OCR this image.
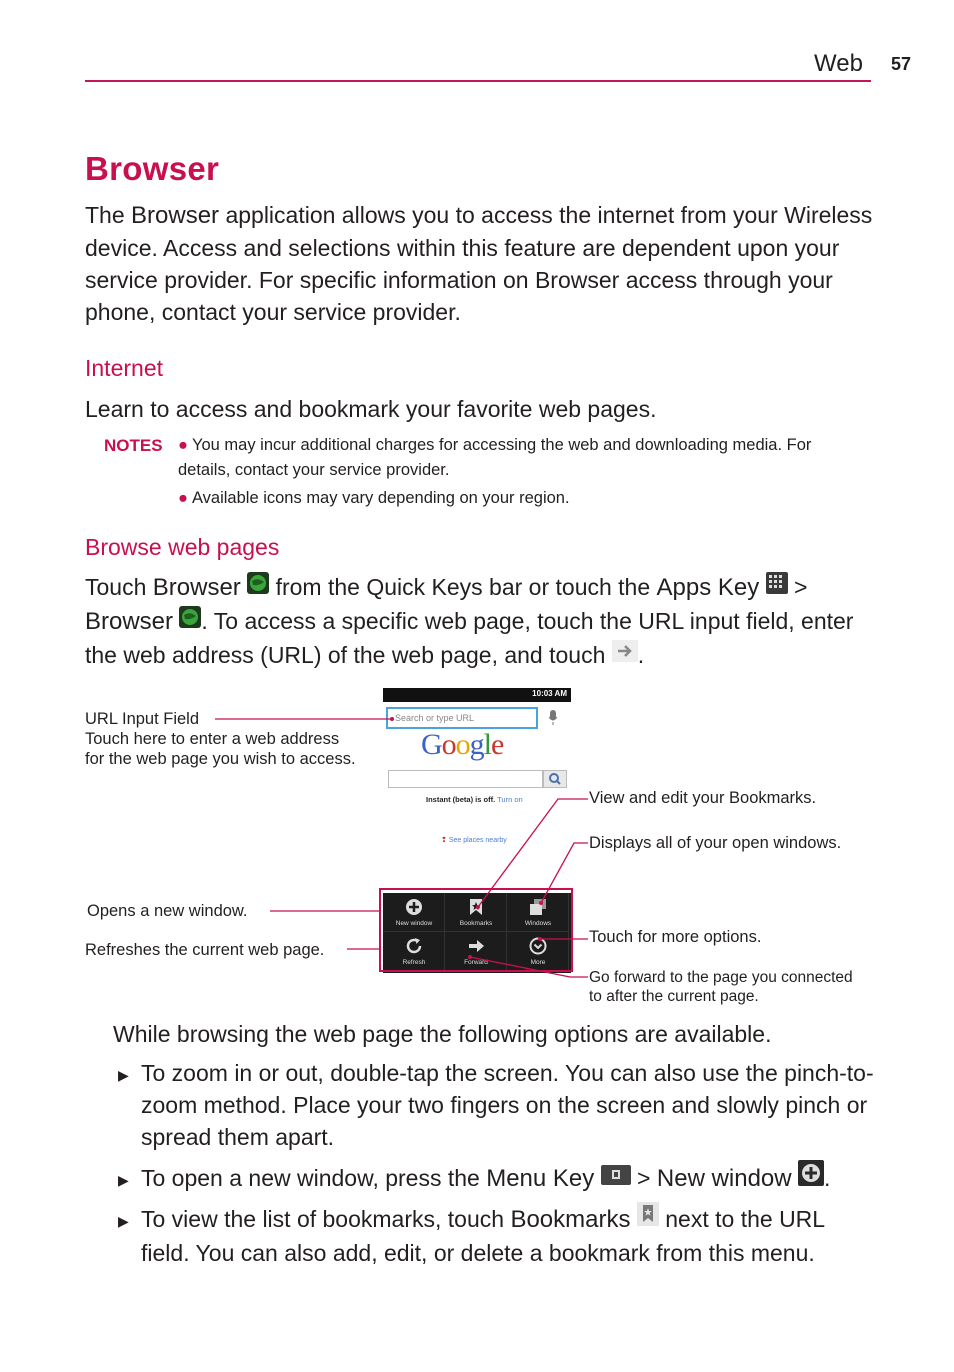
Web 57
Browser
The Browser application allows you to access the internet from your Wireless device. Access and selections within this feature are dependent upon your service provider. For specific information on Browser access through your phone, contact your service provider.
Internet
Learn to access and bookmark your favorite web pages.
NOTES ● You may incur additional charges for accessing the web and downloading media. For details, contact your service provider.
● Available icons may vary depending on your region.
Browse web pages
Touch Browser  from the Quick Keys bar or touch the Apps Key  >
Browser . To access a specific web page, touch the URL input field, enter the web address (URL) of the web page, and touch .
10:03 AM
Search or type URL
Google
Instant (beta) is off. Turn on
❢ See places nearby
New window	Bookmarks	Windows
Refresh	Forward	More
URL Input Field
Touch here to enter a web address
for the web page you wish to access.
Opens a new window.
Refreshes the current web page.
View and edit your Bookmarks.
Displays all of your open windows.
Touch for more options.
Go forward to the page you connected
to after the current page.
While browsing the web page the following options are available.
▶ To zoom in or out, double-tap the screen. You can also use the pinch-to-zoom method. Place your two fingers on the screen and slowly pinch or spread them apart.
▶ To open a new window, press the Menu Key  > New window .
▶ To view the list of bookmarks, touch Bookmarks  next to the URL field. You can also add, edit, or delete a bookmark from this menu.
